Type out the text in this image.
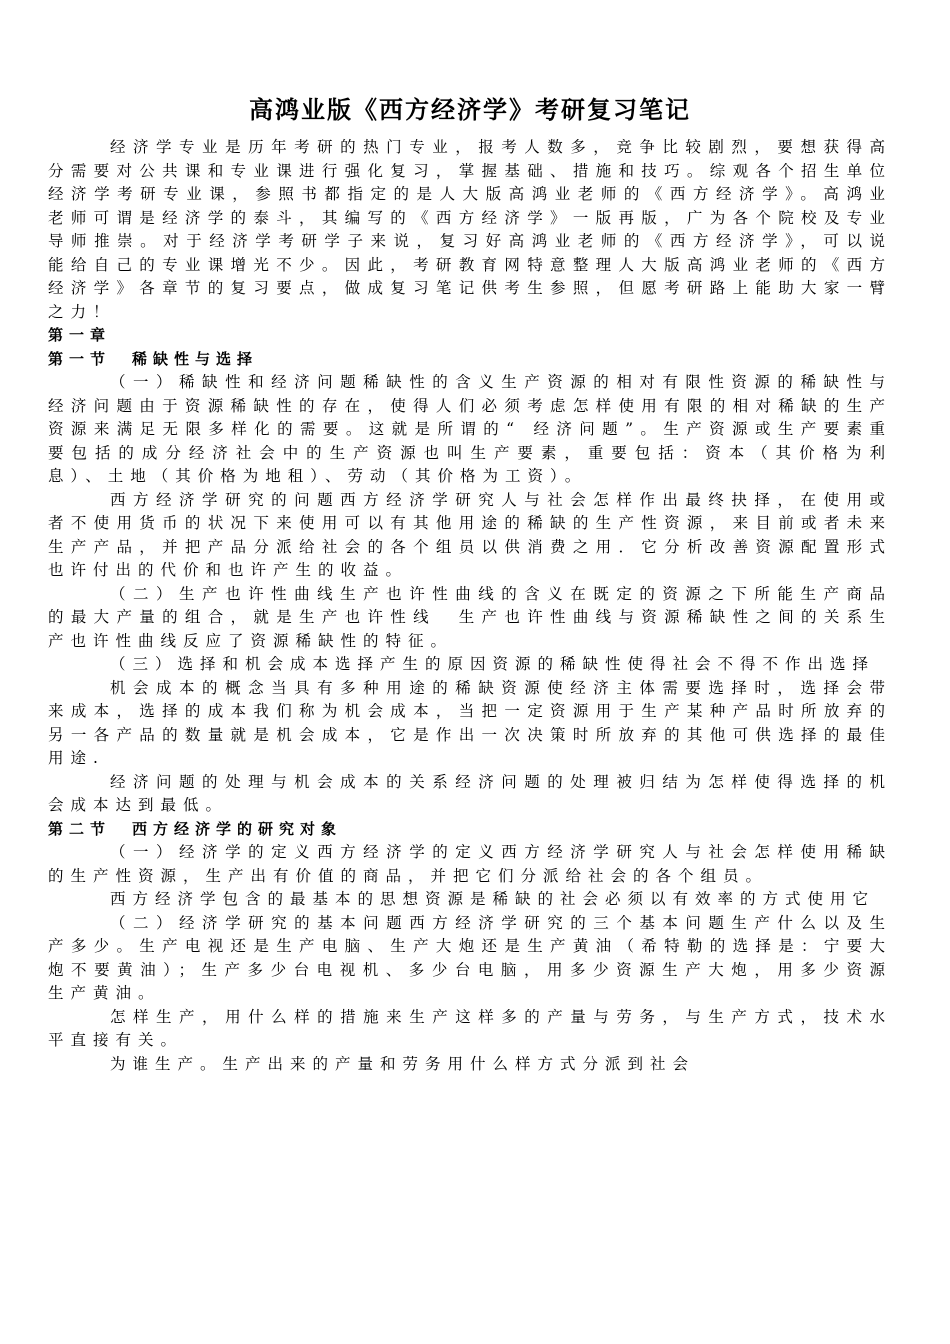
高鸿业版《西方经济学》考研复习笔记

经济学专业是历年考研的热门专业，报考人数多，竞争比较剧烈，要想获得高分需要对公共课和专业课进行强化复习，掌握基础、措施和技巧。综观各个招生单位经济学考研专业课，参照书都指定的是人大版高鸿业老师的《西方经济学》。高鸿业老师可谓是经济学的泰斗，其编写的《西方经济学》一版再版，广为各个院校及专业导师推崇。对于经济学考研学子来说，复习好高鸿业老师的《西方经济学》，可以说能给自己的专业课增光不少。因此，考研教育网特意整理人大版高鸿业老师的《西方经济学》各章节的复习要点，做成复习笔记供考生参照，但愿考研路上能助大家一臂之力！

第一章

第一节　稀缺性与选择

（一）稀缺性和经济问题稀缺性的含义生产资源的相对有限性资源的稀缺性与经济问题由于资源稀缺性的存在，使得人们必须考虑怎样使用有限的相对稀缺的生产资源来满足无限多样化的需要。这就是所谓的“ 经济问题”。生产资源或生产要素重要包括的成分经济社会中的生产资源也叫生产要素，重要包括：资本（其价格为利息）、土地（其价格为地租）、劳动（其价格为工资）。

西方经济学研究的问题西方经济学研究人与社会怎样作出最终抉择，在使用或者不使用货币的状况下来使用可以有其他用途的稀缺的生产性资源，来目前或者未来生产产品，并把产品分派给社会的各个组员以供消费之用．它分析改善资源配置形式也许付出的代价和也许产生的收益。

（二）生产也许性曲线生产也许性曲线的含义在既定的资源之下所能生产商品的最大产量的组合，就是生产也许性线　生产也许性曲线与资源稀缺性之间的关系生产也许性曲线反应了资源稀缺性的特征。

（三）选择和机会成本选择产生的原因资源的稀缺性使得社会不得不作出选择

机会成本的概念当具有多种用途的稀缺资源使经济主体需要选择时，选择会带来成本，选择的成本我们称为机会成本，当把一定资源用于生产某种产品时所放弃的另一各产品的数量就是机会成本，它是作出一次决策时所放弃的其他可供选择的最佳用途.

经济问题的处理与机会成本的关系经济问题的处理被归结为怎样使得选择的机会成本达到最低。

第二节　西方经济学的研究对象

（一）经济学的定义西方经济学的定义西方经济学研究人与社会怎样使用稀缺的生产性资源，生产出有价值的商品，并把它们分派给社会的各个组员。

西方经济学包含的最基本的思想资源是稀缺的社会必须以有效率的方式使用它

（二）经济学研究的基本问题西方经济学研究的三个基本问题生产什么以及生产多少。生产电视还是生产电脑、生产大炮还是生产黄油（希特勒的选择是：宁要大炮不要黄油）；生产多少台电视机、多少台电脑，用多少资源生产大炮，用多少资源生产黄油。

怎样生产，用什么样的措施来生产这样多的产量与劳务，与生产方式，技术水平直接有关。

为谁生产。生产出来的产量和劳务用什么样方式分派到社会
